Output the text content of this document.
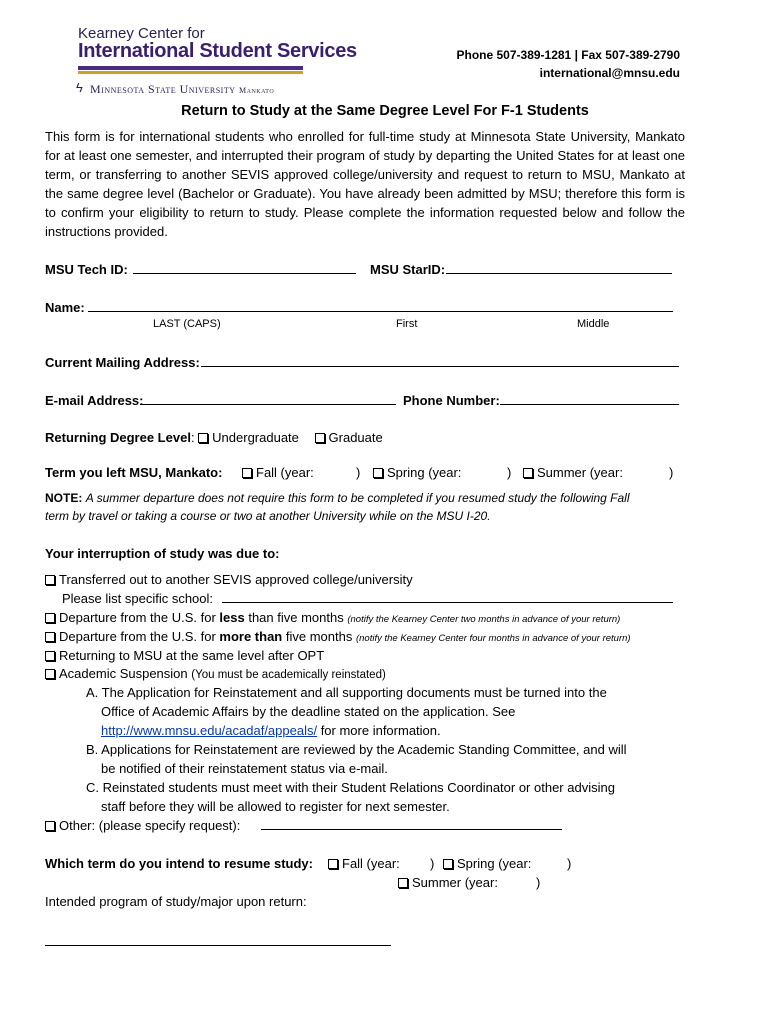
Kearney Center for
International Student Services
ϟ Minnesota State University Mankato
Phone 507-389-1281 | Fax 507-389-2790
international@mnsu.edu
Return to Study at the Same Degree Level For F-1 Students
This form is for international students who enrolled for full-time study at Minnesota State University, Mankato for at least one semester, and interrupted their program of study by departing the United States for at least one term, or transferring to another SEVIS approved college/university and request to return to MSU, Mankato at the same degree level (Bachelor or Graduate). You have already been admitted by MSU; therefore this form is to confirm your eligibility to return to study. Please complete the information requested below and follow the instructions provided.
MSU Tech ID:	MSU StarID:
Name:
LAST (CAPS)	First	Middle
Current Mailing Address:
E-mail Address:	Phone Number:
Returning Degree Level: Undergraduate Graduate
Term you left MSU, Mankato:	Fall (year:	)	Spring (year:	)	Summer (year:	)
NOTE: A summer departure does not require this form to be completed if you resumed study the following Fall
term by travel or taking a course or two at another University while on the MSU I-20.
Your interruption of study was due to:
Transferred out to another SEVIS approved college/university
Please list specific school:
Departure from the U.S. for less than five months (notify the Kearney Center two months in advance of your return)
Departure from the U.S. for more than five months (notify the Kearney Center four months in advance of your return)
Returning to MSU at the same level after OPT
Academic Suspension (You must be academically reinstated)
A. The Application for Reinstatement and all supporting documents must be turned into the
Office of Academic Affairs by the deadline stated on the application. See
http://www.mnsu.edu/acadaf/appeals/ for more information.
B. Applications for Reinstatement are reviewed by the Academic Standing Committee, and will
be notified of their reinstatement status via e-mail.
C. Reinstated students must meet with their Student Relations Coordinator or other advising
staff before they will be allowed to register for next semester.
Other: (please specify request):
Which term do you intend to resume study:	Fall (year: )	Spring (year:	)
Summer (year:	)
Intended program of study/major upon return:
